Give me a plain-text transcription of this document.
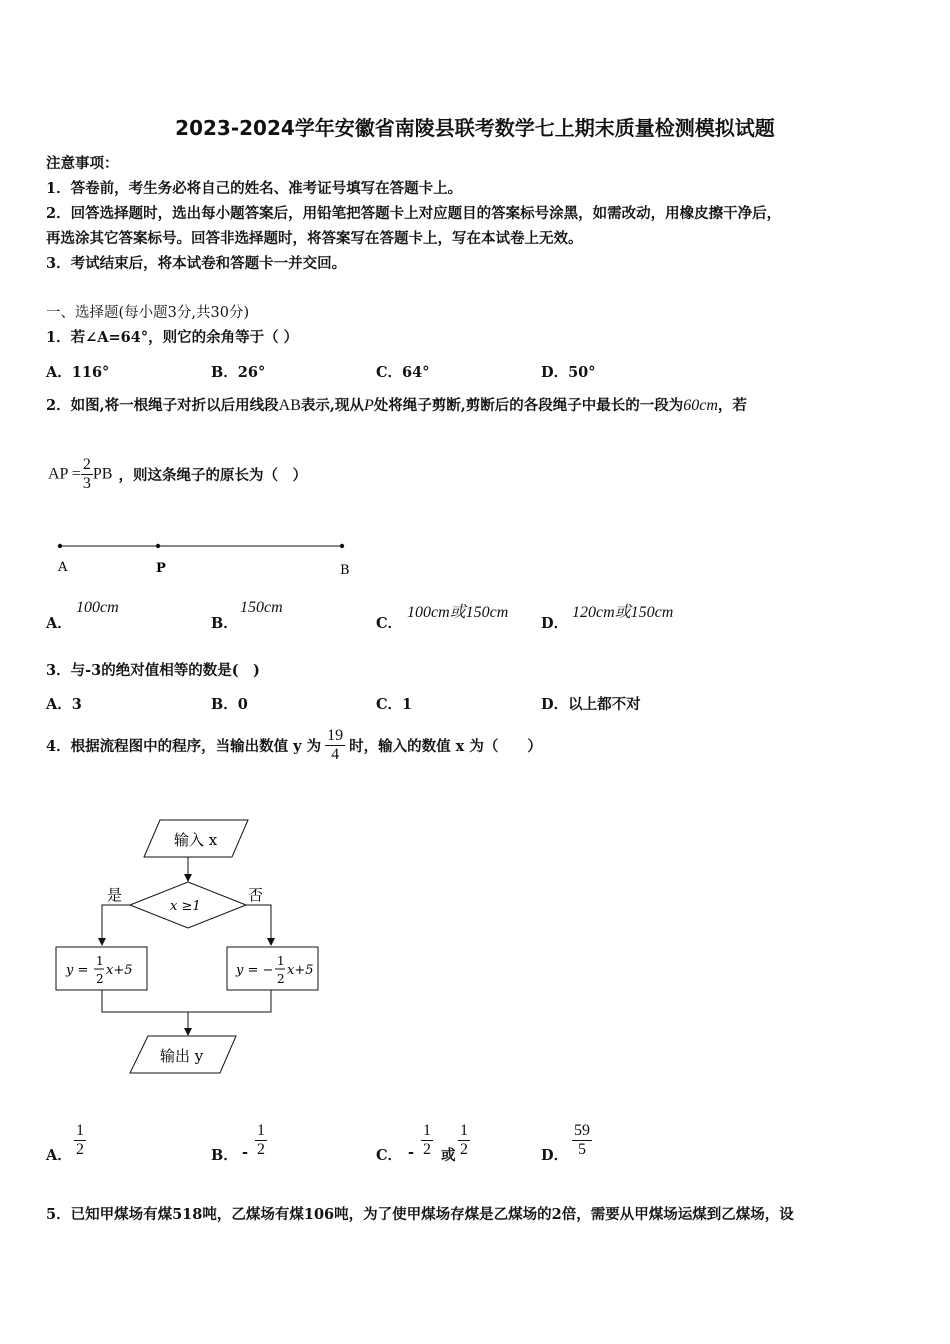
2023-2024学年安徽省南陵县联考数学七上期末质量检测模拟试题
注意事项：
1．答卷前，考生务必将自己的姓名、准考证号填写在答题卡上。
2．回答选择题时，选出每小题答案后，用铅笔把答题卡上对应题目的答案标号涂黑，如需改动，用橡皮擦干净后，
再选涂其它答案标号。回答非选择题时，将答案写在答题卡上，写在本试卷上无效。
3．考试结束后，将本试卷和答题卡一并交回。
一、选择题(每小题3分,共30分)
1．若∠A=64°，则它的余角等于（ ）
A．116°	B．26°	C．64°	D．50°
2．如图,将一根绳子对折以后用线段AB表示,现从P处将绳子剪断,剪断后的各段绳子中最长的一段为60cm，若
AP = $\frac{2}{3}$ PB ，则这条绳子的原长为（　）
A	P	B
A．
100cm
B．
150cm
C．
100cm或150cm
D．
120cm或150cm
3．与-3的绝对值相等的数是(　)
A．3	B．0	C．1	D．以上都不对
4．根据流程图中的程序，当输出数值 y 为 $\frac{19}{4}$ 时，输入的数值 x 为（　　）
输入 x
x ≥1
是	否
y =
1
2
x+5	y = −
1
2
x+5
输出 y
A． $\frac{1}{2}$	B． - $\frac{1}{2}$	C． - $\frac{1}{2}$ 或 $\frac{1}{2}$	D． $\frac{59}{5}$
5．已知甲煤场有煤518吨，乙煤场有煤106吨，为了使甲煤场存煤是乙煤场的2倍，需要从甲煤场运煤到乙煤场，设
